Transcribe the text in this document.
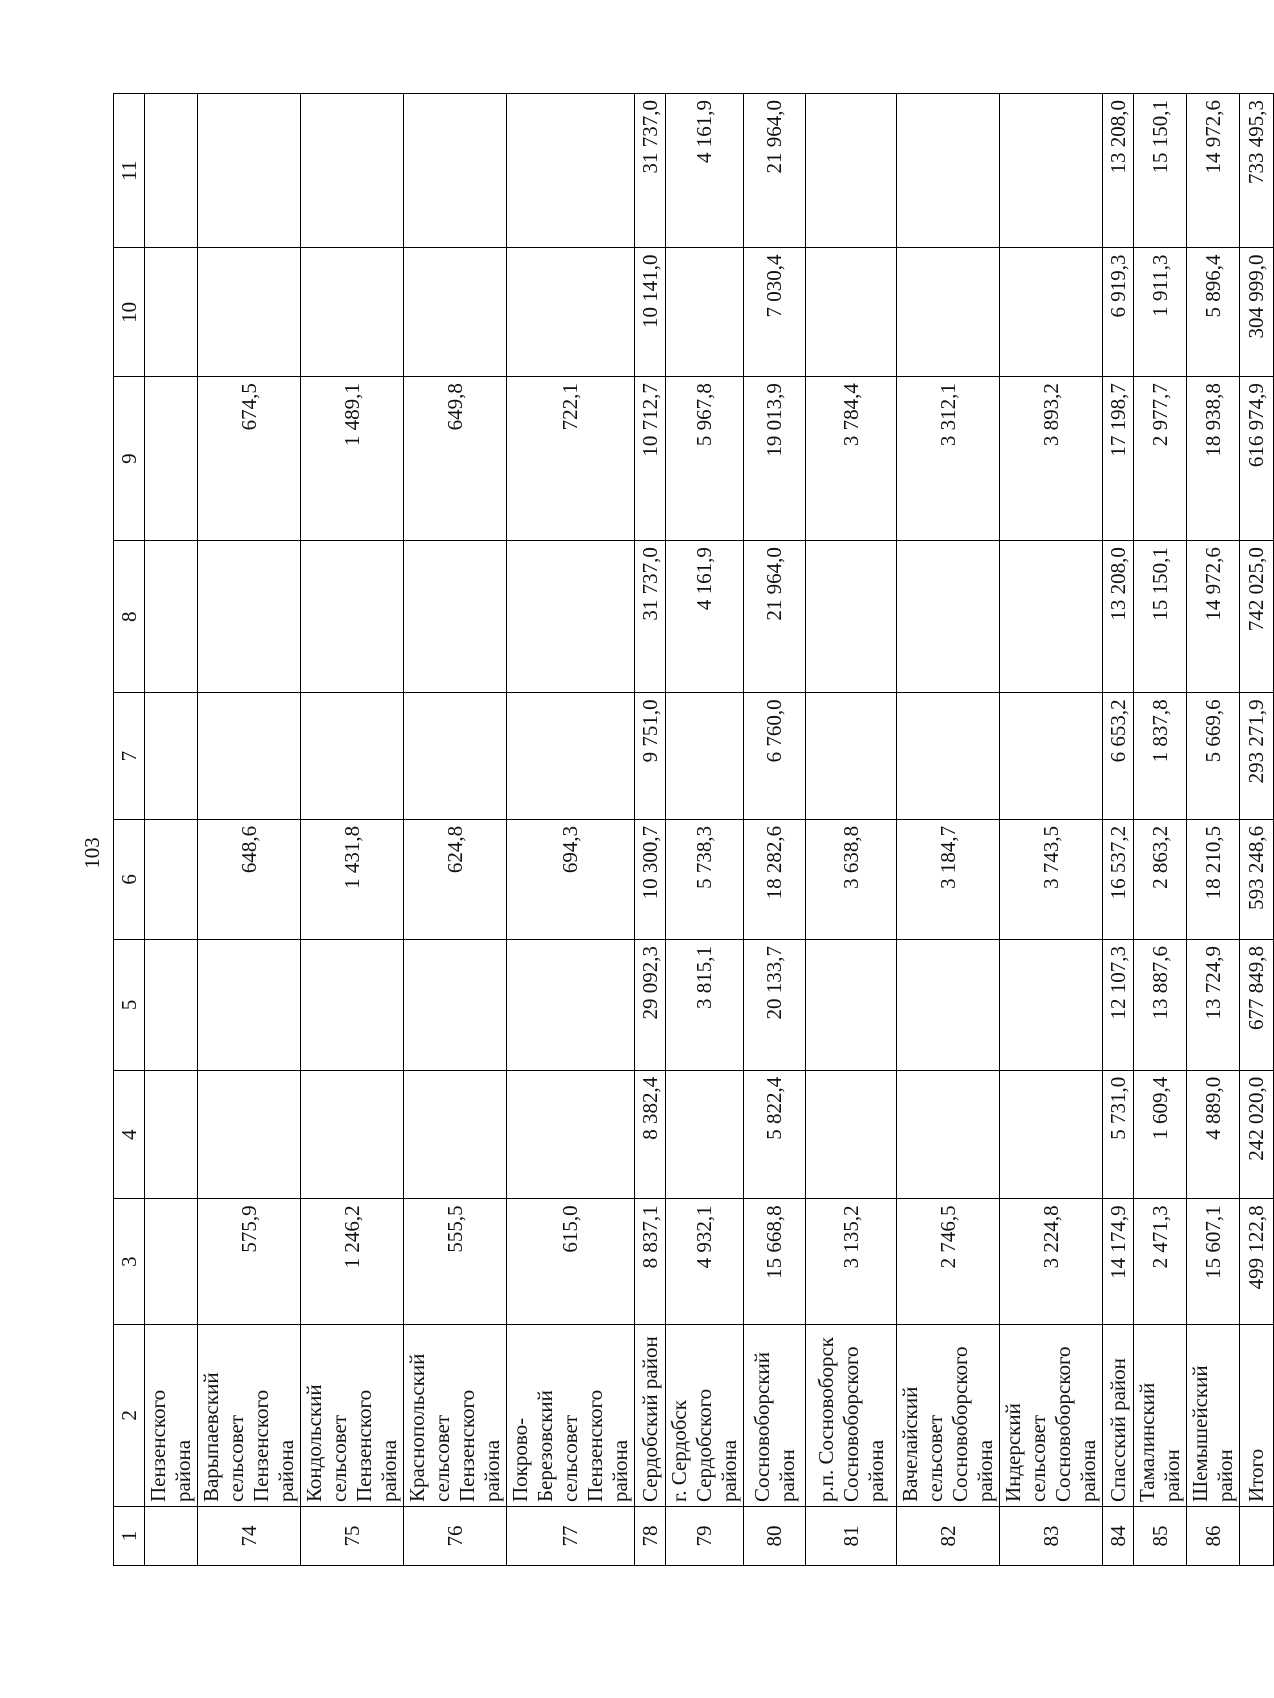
103
1	2	3	4	5	6	7	8	9	10	11
	Пензенского района									
74	Варыпаевский сельсовет Пензенского района	575,9			648,6			674,5		
75	Кондольский сельсовет Пензенского района	1 246,2			1 431,8			1 489,1		
76	Краснопольский сельсовет Пензенского района	555,5			624,8			649,8		
77	Покрово-Березовский сельсовет Пензенского района	615,0			694,3			722,1		
78	Сердобский район	8 837,1	8 382,4	29 092,3	10 300,7	9 751,0	31 737,0	10 712,7	10 141,0	31 737,0
79	г. Сердобск Сердобского района	4 932,1		3 815,1	5 738,3		4 161,9	5 967,8		4 161,9
80	Сосновоборский район	15 668,8	5 822,4	20 133,7	18 282,6	6 760,0	21 964,0	19 013,9	7 030,4	21 964,0
81	р.п. Сосновоборск Сосновоборского района	3 135,2			3 638,8			3 784,4		
82	Вачелайский сельсовет Сосновоборского района	2 746,5			3 184,7			3 312,1		
83	Индерский сельсовет Сосновоборского района	3 224,8			3 743,5			3 893,2		
84	Спасский район	14 174,9	5 731,0	12 107,3	16 537,2	6 653,2	13 208,0	17 198,7	6 919,3	13 208,0
85	Тамалинский район	2 471,3	1 609,4	13 887,6	2 863,2	1 837,8	15 150,1	2 977,7	1 911,3	15 150,1
86	Шемышейский район	15 607,1	4 889,0	13 724,9	18 210,5	5 669,6	14 972,6	18 938,8	5 896,4	14 972,6
	Итого	499 122,8	242 020,0	677 849,8	593 248,6	293 271,9	742 025,0	616 974,9	304 999,0	733 495,3
